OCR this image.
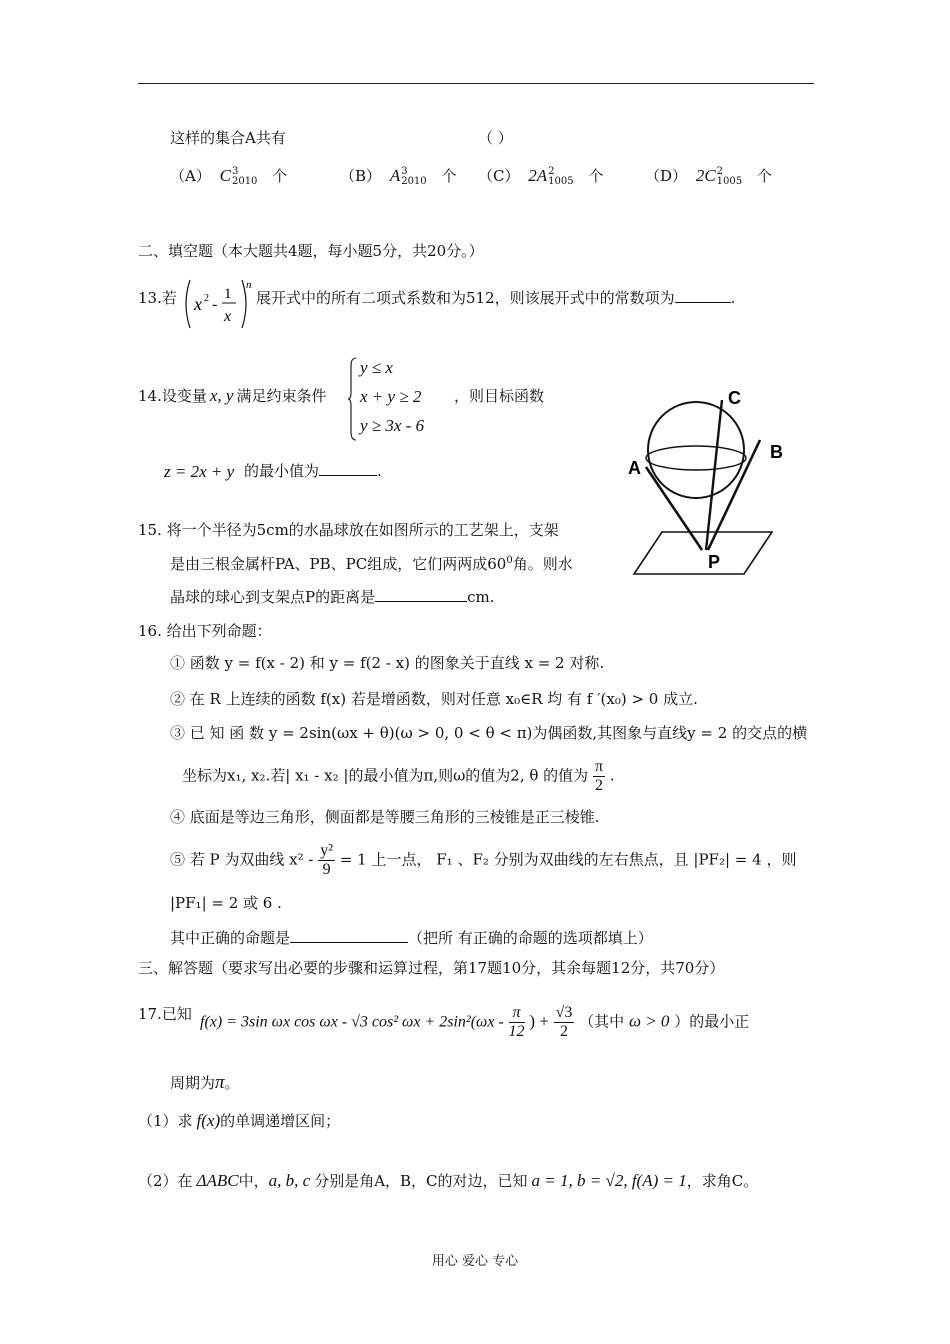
这样的集合A共有	（ ）
（A） C 3
2010 个	（B） A 3
2010 个 （C） 2A 2
1005 个	（D） 2C 2
1005 个
二、填空题（本大题共4题，每小题5分，共20分。）
13.若 x 2 -
1
x
n
展开式中的所有二项式系数和为512，则该展开式中的常数项为	.
14.设变量 x, y 满足约束条件
y ≤ x
x + y ≥ 2
y ≥ 3x - 6
，则目标函数
z = 2x + y 的最小值为	.
C
B
A
P
15. 将一个半径为5cm的水晶球放在如图所示的工艺架上，支架
是由三根金属杆PA、PB、PC组成，它们两两成$60^0$角。则水
晶球的球心到支架点P的距离是	cm.
16. 给出下列命题：
① 函数 y = f(x - 2) 和 y = f(2 - x) 的图象关于直线 x = 2 对称.
② 在 R 上连续的函数 f(x) 若是增函数，则对任意 x₀∈R 均 有 f ′(x₀) > 0 成立.
③ 已 知 函 数 y = 2sin(ωx + θ)(ω > 0, 0 < θ < π)为偶函数,其图象与直线y = 2 的交点的横
坐标为x₁, x₂.若| x₁ - x₂ |的最小值为π,则ω的值为2, θ 的值为 $\frac{\pi}{2}$ .
④ 底面是等边三角形，侧面都是等腰三角形的三棱锥是正三棱锥.
⑤ 若 P 为双曲线 $x^2 - \frac{\text{y²}}{9} = 1$ 上一点， F₁ 、F₂ 分别为双曲线的左右焦点，且 |PF₂| = 4 ，则
|PF₁| = 2 或 6 .
其中正确的命题是	（把所 有正确的命题的选项都填上）
三、解答题（要求写出必要的步骤和运算过程，第17题10分，其余每题12分，共70分）
17.已知 f(x) = 3sin ωx cos ωx - √3 cos² $\omega x + 2\sin^2(\omega x - \frac{\pi}{12}$ ) + $\frac{√3}{2}$ （其中 ω > 0 ）的最小正
周期为π。
（1）求 f(x)的单调递增区间；
（2）在 ΔABC中，a, b, c 分别是角A，B，C的对边，已知 a = 1, b = √2, f(A) = 1，求角C。
用心 爱心 专心
